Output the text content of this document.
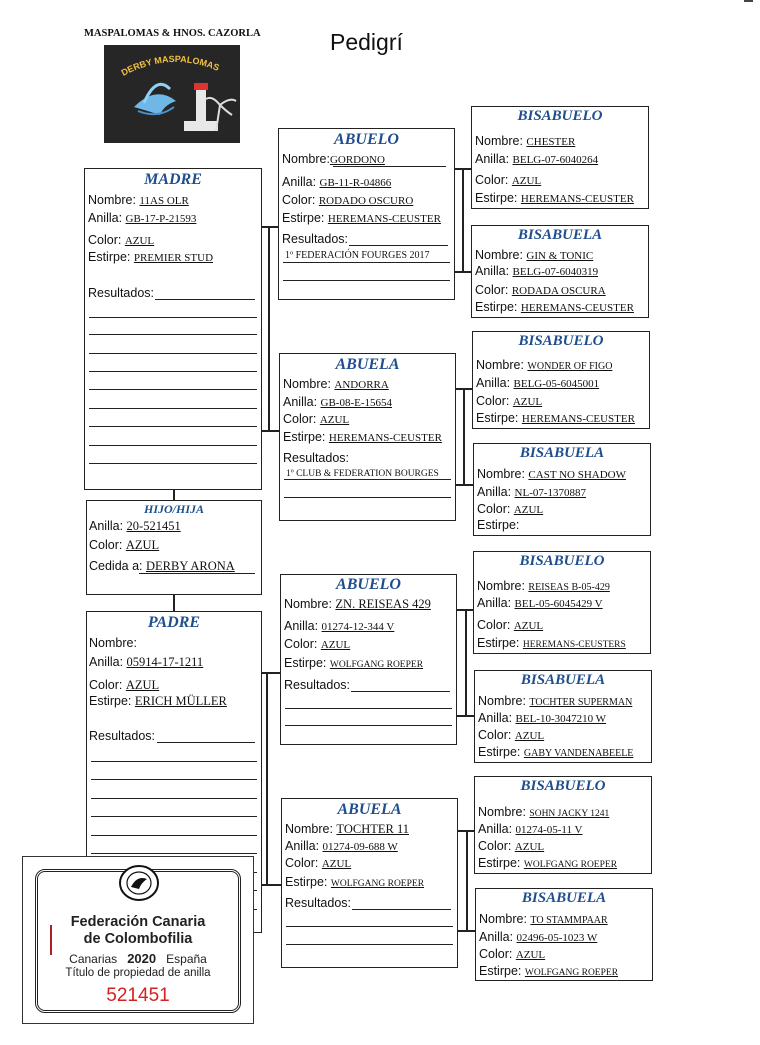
MASPALOMAS & HNOS. CAZORLA	Pedigrí
DERBY MASPALOMAS
MADRE
Nombre: 11AS OLR
Anilla: GB-17-P-21593
Color: AZUL
Estirpe: PREMIER STUD
Resultados:
HIJO/HIJA
Anilla: 20-521451
Color: AZUL
Cedida a: DERBY ARONA
PADRE
Nombre:
Anilla: 05914-17-1211
Color: AZUL
Estirpe: ERICH MÜLLER
Resultados:
ABUELO
Nombre:GORDONO
Anilla: GB-11-R-04866
Color: RODADO OSCURO
Estirpe: HEREMANS-CEUSTER
Resultados:
1º FEDERACIÓN FOURGES 2017
ABUELA
Nombre: ANDORRA
Anilla: GB-08-E-15654
Color: AZUL
Estirpe: HEREMANS-CEUSTER
Resultados:
1º CLUB & FEDERATION BOURGES
ABUELO
Nombre: ZN. REISEAS 429
Anilla: 01274-12-344 V
Color: AZUL
Estirpe: WOLFGANG ROEPER
Resultados:
ABUELA
Nombre: TOCHTER 11
Anilla: 01274-09-688 W
Color: AZUL
Estirpe: WOLFGANG ROEPER
Resultados:
BISABUELO
Nombre: CHESTER
Anilla: BELG-07-6040264
Color: AZUL
Estirpe: HEREMANS-CEUSTER
BISABUELA
Nombre: GIN & TONIC
Anilla: BELG-07-6040319
Color: RODADA OSCURA
Estirpe: HEREMANS-CEUSTER
BISABUELO
Nombre: WONDER OF FIGO
Anilla: BELG-05-6045001
Color: AZUL
Estirpe: HEREMANS-CEUSTER
BISABUELA
Nombre: CAST NO SHADOW
Anilla: NL-07-1370887
Color: AZUL
Estirpe:
BISABUELO
Nombre: REISEAS B-05-429
Anilla: BEL-05-6045429 V
Color: AZUL
Estirpe: HEREMANS-CEUSTERS
BISABUELA
Nombre: TOCHTER SUPERMAN
Anilla: BEL-10-3047210 W
Color: AZUL
Estirpe: GABY VANDENABEELE
BISABUELO
Nombre: SOHN JACKY 1241
Anilla: 01274-05-11 V
Color: AZUL
Estirpe: WOLFGANG ROEPER
BISABUELA
Nombre: TO STAMMPAAR
Anilla: 02496-05-1023 W
Color: AZUL
Estirpe: WOLFGANG ROEPER
Federación Canaria
de Colombofilia
Canarias 2020 España
Título de propiedad de anilla
521451
